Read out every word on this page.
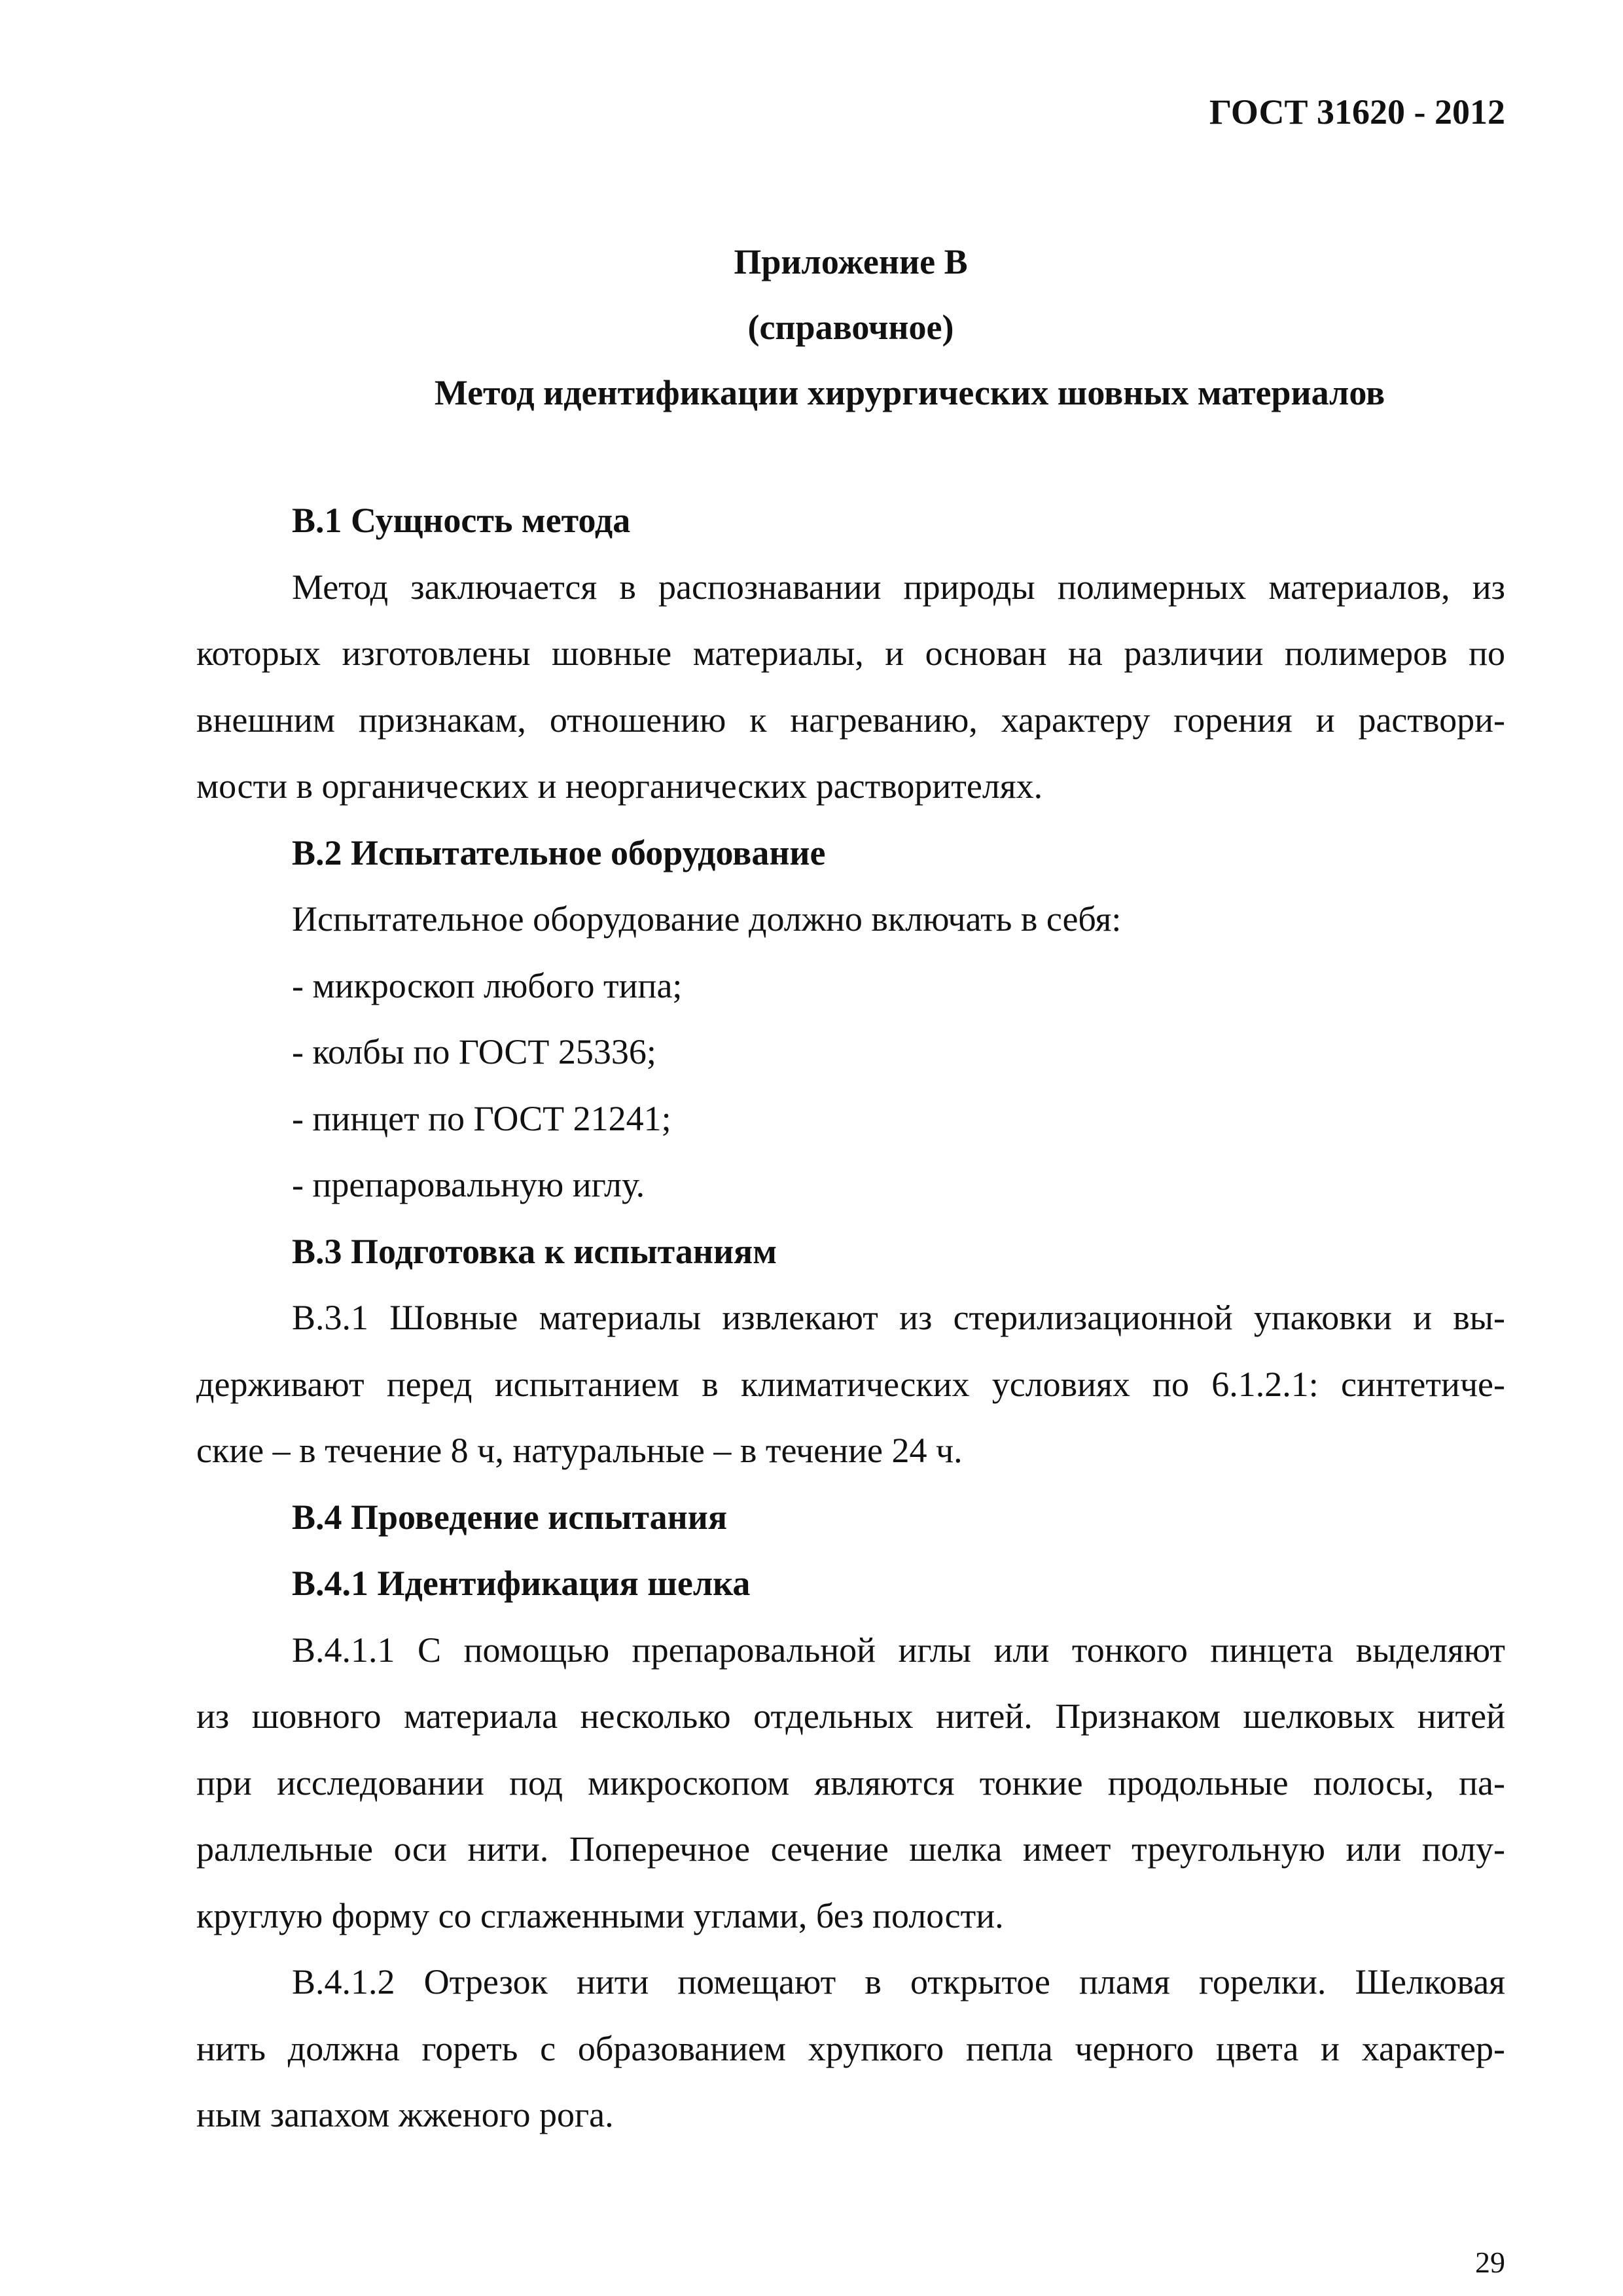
ГОСТ 31620 - 2012
Приложение В
(справочное)
Метод идентификации хирургических шовных материалов
В.1 Сущность метода
Метод заключается в распознавании природы полимерных материалов, из
которых изготовлены шовные материалы, и основан на различии полимеров по
внешним признакам, отношению к нагреванию, характеру горения и раствори-
мости в органических и неорганических растворителях.
В.2 Испытательное оборудование
Испытательное оборудование должно включать в себя:
- микроскоп любого типа;
- колбы по ГОСТ 25336;
- пинцет по ГОСТ 21241;
- препаровальную иглу.
В.3 Подготовка к испытаниям
В.3.1 Шовные материалы извлекают из стерилизационной упаковки и вы-
держивают перед испытанием в климатических условиях по 6.1.2.1: синтетиче-
ские – в течение 8 ч, натуральные – в течение 24 ч.
В.4 Проведение испытания
В.4.1 Идентификация шелка
В.4.1.1 С помощью препаровальной иглы или тонкого пинцета выделяют
из шовного материала несколько отдельных нитей. Признаком шелковых нитей
при исследовании под микроскопом являются тонкие продольные полосы, па-
раллельные оси нити. Поперечное сечение шелка имеет треугольную или полу-
круглую форму со сглаженными углами, без полости.
В.4.1.2 Отрезок нити помещают в открытое пламя горелки. Шелковая
нить должна гореть с образованием хрупкого пепла черного цвета и характер-
ным запахом жженого рога.
29
